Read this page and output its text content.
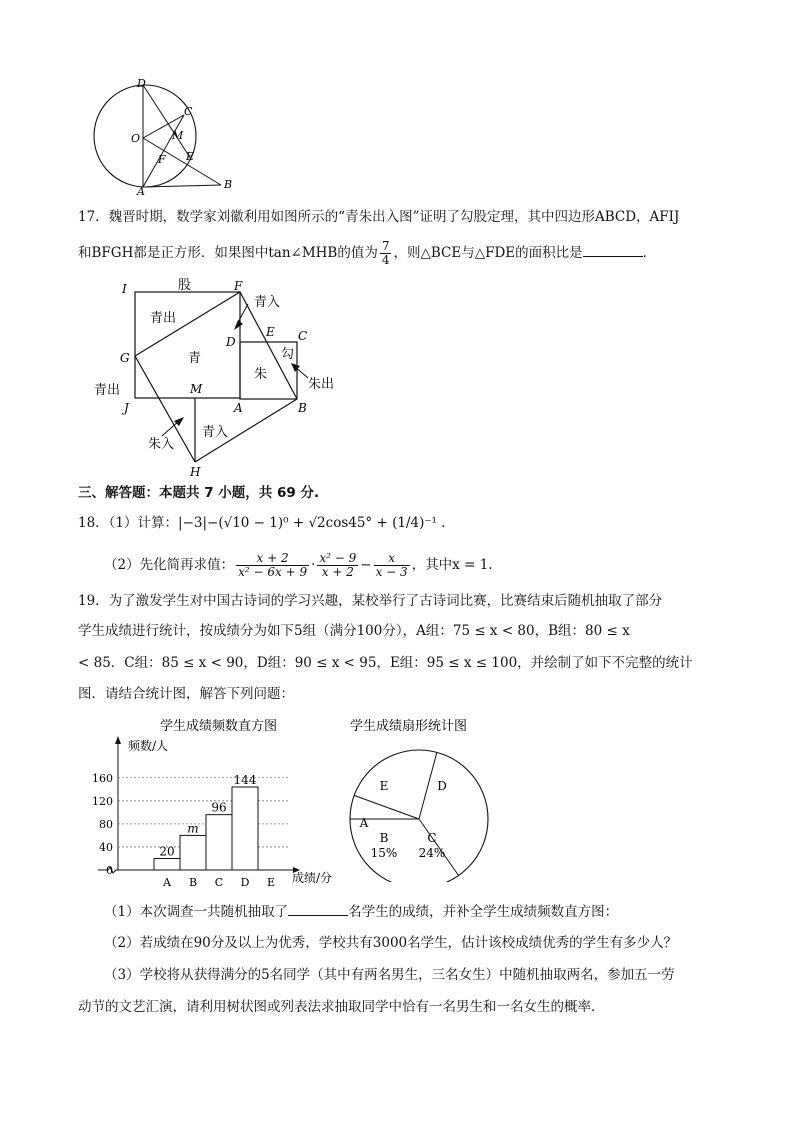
D
C
O	M
F E
A
B
17．魏晋时期，数学家刘徽利用如图所示的“青朱出入图”证明了勾股定理，其中四边形ABCD，AFIJ
和BFGH都是正方形．如果图中tan∠MHB的值为 $\frac{7}{4}$ ，则△BCE与△FDE的面积比是	．
I	股	F
青入
青出
E C
D
青	勾
G
朱
朱出
青出	M
J	A	B
朱入
青入
H
三、解答题：本题共 7 小题，共 69 分.
18．（1）计算：|−3|−(√10 − 1)⁰ + √2cos45° + (1/4)⁻¹ .
（2）先化简再求值： $\frac{x + 2}{\text{x² − 6x + 9}} \cdot \frac{\text{x² − 9}}{x + 2} - \frac{x}{x - 3}$ ，其中x = 1.
19．为了激发学生对中国古诗词的学习兴趣，某校举行了古诗词比赛，比赛结束后随机抽取了部分
学生成绩进行统计，按成绩分为如下5组（满分100分），A组：75 ≤ x < 80，B组：80 ≤ x
< 85．C组：85 ≤ x < 90，D组：90 ≤ x < 95，E组：95 ≤ x ≤ 100，并绘制了如下不完整的统计
图．请结合统计图，解答下列问题：
学生成绩频数直方图
频数/人
成绩/分
0
40
80
120
160
A
20
B
m
C
96
D
144
E
学生成绩扇形统计图
E	D
A
B
15%
C
24%
（1）本次调查一共随机抽取了	名学生的成绩，并补全学生成绩频数直方图：
（2）若成绩在90分及以上为优秀，学校共有3000名学生，估计该校成绩优秀的学生有多少人？
（3）学校将从获得满分的5名同学（其中有两名男生，三名女生）中随机抽取两名，参加五一劳
动节的文艺汇演，请利用树状图或列表法求抽取同学中恰有一名男生和一名女生的概率．
